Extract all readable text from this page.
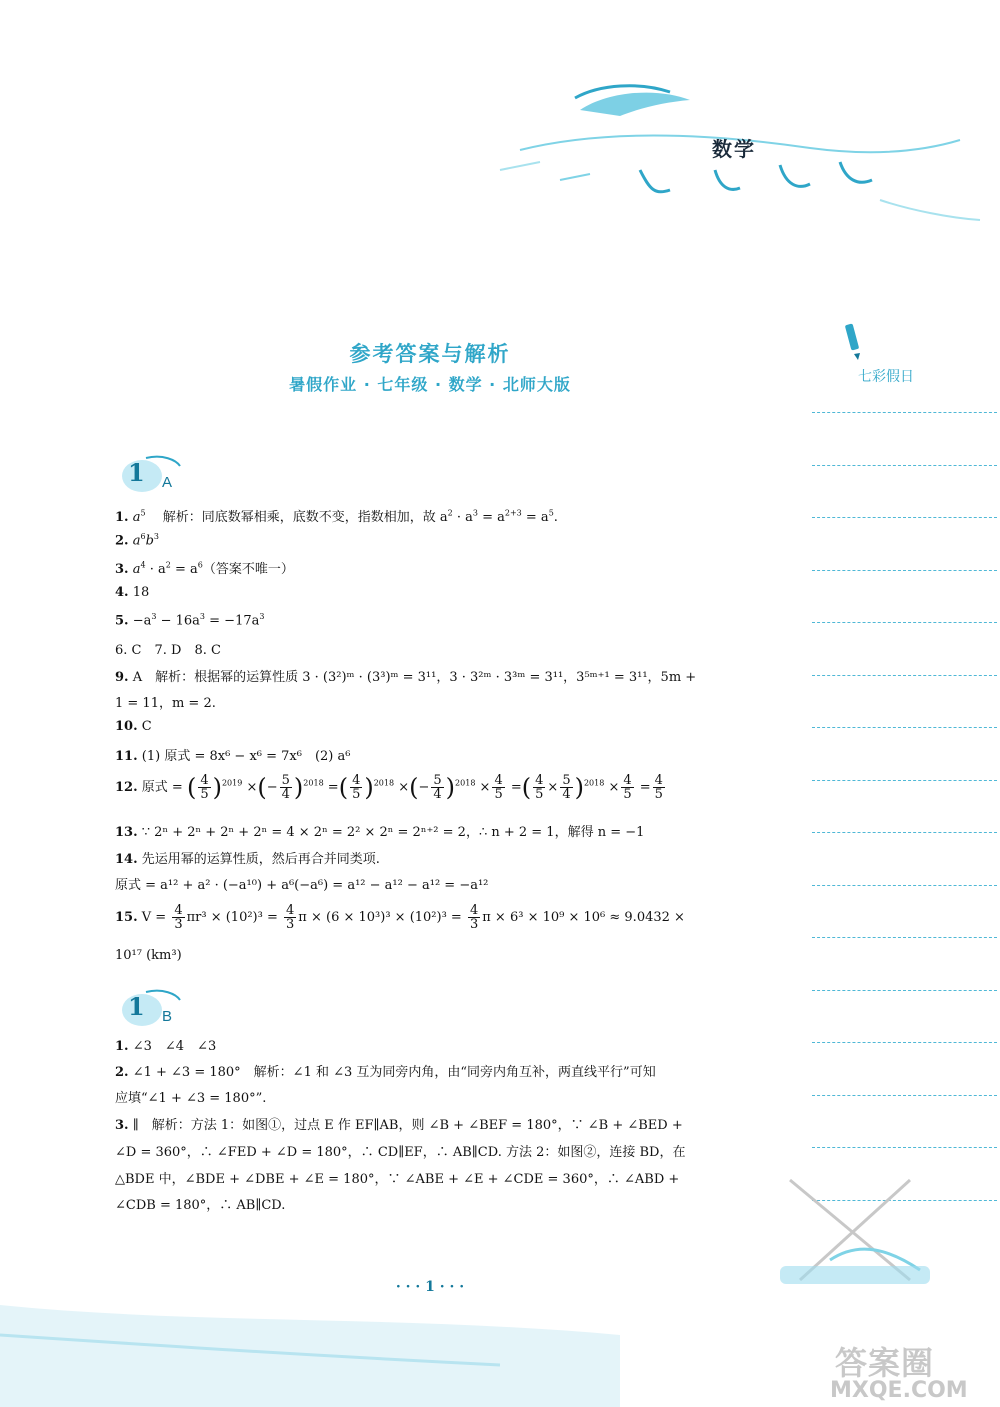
数学
参考答案与解析
暑假作业 · 七年级 · 数学 · 北师大版	七彩假日
1 A
1. $a^5$　 解析：同底数幂相乘，底数不变，指数相加，故 $a^2 \cdot a^3 = a^{2+3} = a^5$.
2. $a^6b^3$
3. $a^4 \cdot a^2 = a^6$（答案不唯一）
4. 18
5. $-a^3 - 16a^3 = -17a^3$
6. C　7. D　8. C
9. A　解析：根据幂的运算性质 3 · (3²)ᵐ · (3³)ᵐ = 3¹¹，3 · 3²ᵐ · 3³ᵐ = 3¹¹，3⁵ᵐ⁺¹ = 3¹¹，5m +
1 = 11，m = 2.
10. C
11. (1) 原式 = 8x⁶ − x⁶ = 7x⁶　(2) a⁶
12. 原式 = ( $\frac{4}{5} )^{2019}$ ×(− $\frac{5}{4} )^{2018}$ =( $\frac{4}{5} )^{2018}$ ×(− $\frac{5}{4} )^{2018} \times \frac{4}{5}$ =( $\frac{4}{5} \times \frac{5}{4} )^{2018} \times \frac{4}{5} = \frac{4}{5}$
13. ∵ 2ⁿ + 2ⁿ + 2ⁿ + 2ⁿ = 4 × 2ⁿ = 2² × 2ⁿ = 2ⁿ⁺² = 2，∴ n + 2 = 1，解得 n = −1
14. 先运用幂的运算性质，然后再合并同类项.
原式 = a¹² + a² · (−a¹⁰) + a⁶(−a⁶) = a¹² − a¹² − a¹² = −a¹²
15. $V = \frac{4}{3} \pi r^3 \times (10^2)^3 = \frac{4}{3}$ $\pi \times (6 \times 10^3)^3 \times (10^2)^3 = \frac{4}{3}$ π × 6³ × 10⁹ × 10⁶ ≈ 9.0432 ×
10¹⁷ (km³)
1 B
1. ∠3　∠4　∠3
2. ∠1 + ∠3 = 180°　解析：∠1 和 ∠3 互为同旁内角，由“同旁内角互补，两直线平行”可知
应填“∠1 + ∠3 = 180°”.
3. ∥　解析：方法 1：如图①，过点 E 作 EF∥AB，则 ∠B + ∠BEF = 180°，∵ ∠B + ∠BED +
∠D = 360°，∴ ∠FED + ∠D = 180°，∴ CD∥EF，∴ AB∥CD. 方法 2：如图②，连接 BD，在
△BDE 中，∠BDE + ∠DBE + ∠E = 180°，∵ ∠ABE + ∠E + ∠CDE = 360°，∴ ∠ABD +
∠CDB = 180°，∴ AB∥CD.
· · · 1 · · ·
答案圈
MXQE.COM
